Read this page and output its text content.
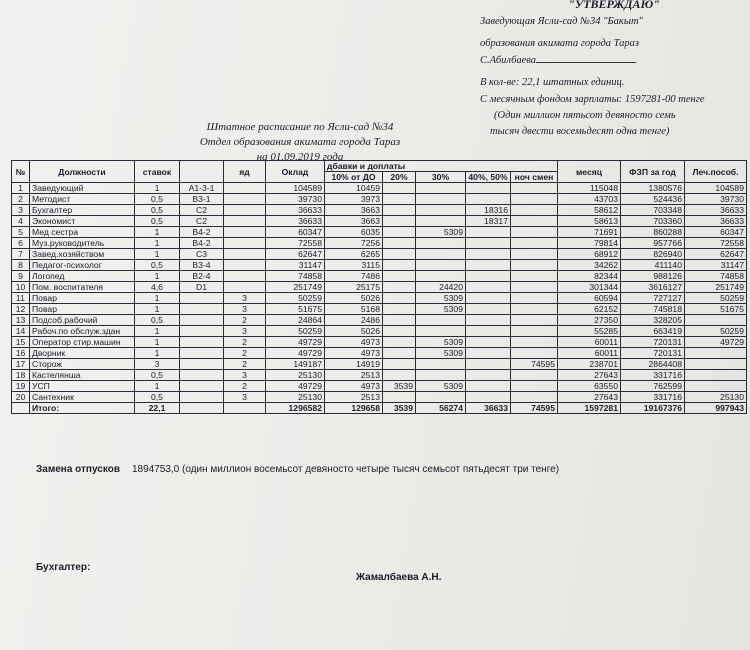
"УТВЕРЖДАЮ"
Заведующая Ясли-сад №34 "Бакыт"
образования акимата города Тараз
С.Абилбаева
В кол-ве: 22,1 штатных единиц.
С месячным фондом зарплаты: 1597281-00 тенге
(Один миллион пятьсот девяносто семь
тысяч двести восемьдесят одна тенге)
Штатное расписание по Ясли-сад №34
Отдел образования акимата города Тараз
на 01.09.2019 года
№	Должности	cтавок		яд	Оклад	дбавки и доплаты					месяц	ФЗП за год	Леч.пособ.
						10% от ДО	20%	30%	40%, 50%	ноч смен			
1	Заведующий	1	А1-3-1		104589	10459					115048	1380576	104589
2	Методист	0,5	В3-1		39730	3973					43703	524436	39730
3	Бухгалтер	0,5	С2		36633	3663			18316		58612	703348	36633
4	Экономист	0,5	С2		36633	3663			18317		58613	703360	36633
5	Мед сестра	1	В4-2		60347	6035		5309			71691	860288	60347
6	Муз.руководитель	1	В4-2		72558	7256					79814	957766	72558
7	Завед.хозяйством	1	С3		62647	6265					68912	826940	62647
8	Педагог-психолог	0,5	В3-4		31147	3115					34262	411140	31147
9	Логопед	1	В2-4		74858	7486					82344	988126	74858
10	Пом. воспитателя	4,6	D1		251749	25175		24420			301344	3616127	251749
11	Повар	1		3	50259	5026		5309			60594	727127	50259
12	Повар	1		3	51675	5168		5309			62152	745818	51675
13	Подсоб.рабочий	0,5		2	24864	2486					27350	328205	
14	Рабоч.по обслуж.здан	1		3	50259	5026					55285	663419	50259
15	Оператор стир.машин	1		2	49729	4973		5309			60011	720131	49729
16	Дворник	1		2	49729	4973		5309			60011	720131	
17	Сторож	3		2	149187	14919				74595	238701	2864408	
18	Кастелянша	0,5		3	25130	2513					27643	331716	
19	УСП	1		2	49729	4973	3539	5309			63550	762599	
20	Сантехник	0,5		3	25130	2513					27643	331716	25130
	Итого:	22,1			1296582	129658	3539	56274	36633	74595	1597281	19167376	997943
Замена отпусков 1894753,0 (один миллион восемьсот девяносто четыре тысяч семьсот пятьдесят три тенге)
Бухгалтер:
Жамалбаева А.Н.
